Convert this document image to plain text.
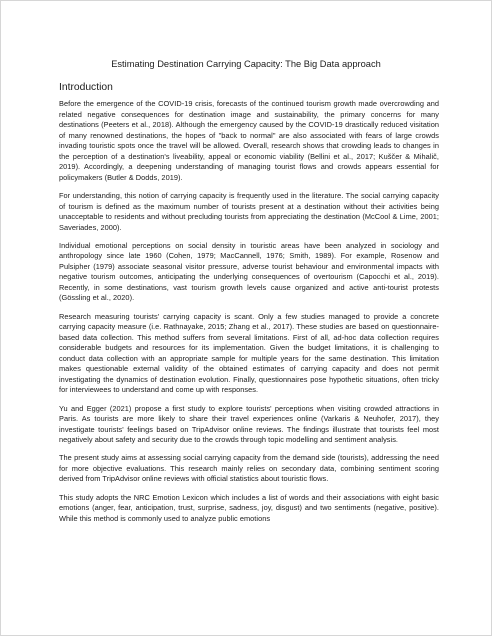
Estimating Destination Carrying Capacity: The Big Data approach
Introduction

Before the emergence of the COVID-19 crisis, forecasts of the continued tourism growth made overcrowding and related negative consequences for destination image and sustainability, the primary concerns for many destinations (Peeters et al., 2018). Although the emergency caused by the COVID-19 drastically reduced visitation of many renowned destinations, the hopes of "back to normal" are also associated with fears of large crowds invading touristic spots once the travel will be allowed. Overall, research shows that crowding leads to changes in the perception of a destination's liveability, appeal or economic viability (Bellini et al., 2017; Kuščer & Mihalič, 2019). Accordingly, a deepening understanding of managing tourist flows and crowds appears essential for policymakers (Butler & Dodds, 2019).

For understanding, this notion of carrying capacity is frequently used in the literature. The social carrying capacity of tourism is defined as the maximum number of tourists present at a destination without their activities being unacceptable to residents and without precluding tourists from appreciating the destination (McCool & Lime, 2001; Saveriades, 2000).

Individual emotional perceptions on social density in touristic areas have been analyzed in sociology and anthropology since late 1960 (Cohen, 1979; MacCannell, 1976; Smith, 1989). For example, Rosenow and Pulsipher (1979) associate seasonal visitor pressure, adverse tourist behaviour and environmental impacts with negative tourism outcomes, anticipating the underlying consequences of overtourism (Capocchi et al., 2019). Recently, in some destinations, vast tourism growth levels cause organized and active anti-tourist protests (Gössling et al., 2020).

Research measuring tourists' carrying capacity is scant. Only a few studies managed to provide a concrete carrying capacity measure (i.e. Rathnayake, 2015; Zhang et al., 2017). These studies are based on questionnaire-based data collection. This method suffers from several limitations. First of all, ad-hoc data collection requires considerable budgets and resources for its implementation. Given the budget limitations, it is challenging to conduct data collection with an appropriate sample for multiple years for the same destination. This limitation makes questionable external validity of the obtained estimates of carrying capacity and does not permit investigating the dynamics of destination evolution. Finally, questionnaires pose hypothetic situations, often tricky for interviewees to understand and come up with responses.

Yu and Egger (2021) propose a first study to explore tourists' perceptions when visiting crowded attractions in Paris. As tourists are more likely to share their travel experiences online (Varkaris & Neuhofer, 2017), they investigate tourists' feelings based on TripAdvisor online reviews. The findings illustrate that tourists feel most negatively about safety and security due to the crowds through topic modelling and sentiment analysis.

The present study aims at assessing social carrying capacity from the demand side (tourists), addressing the need for more objective evaluations. This research mainly relies on secondary data, combining sentiment scoring derived from TripAdvisor online reviews with official statistics about touristic flows.

This study adopts the NRC Emotion Lexicon which includes a list of words and their associations with eight basic emotions (anger, fear, anticipation, trust, surprise, sadness, joy, disgust) and two sentiments (negative, positive). While this method is commonly used to analyze public emotions
